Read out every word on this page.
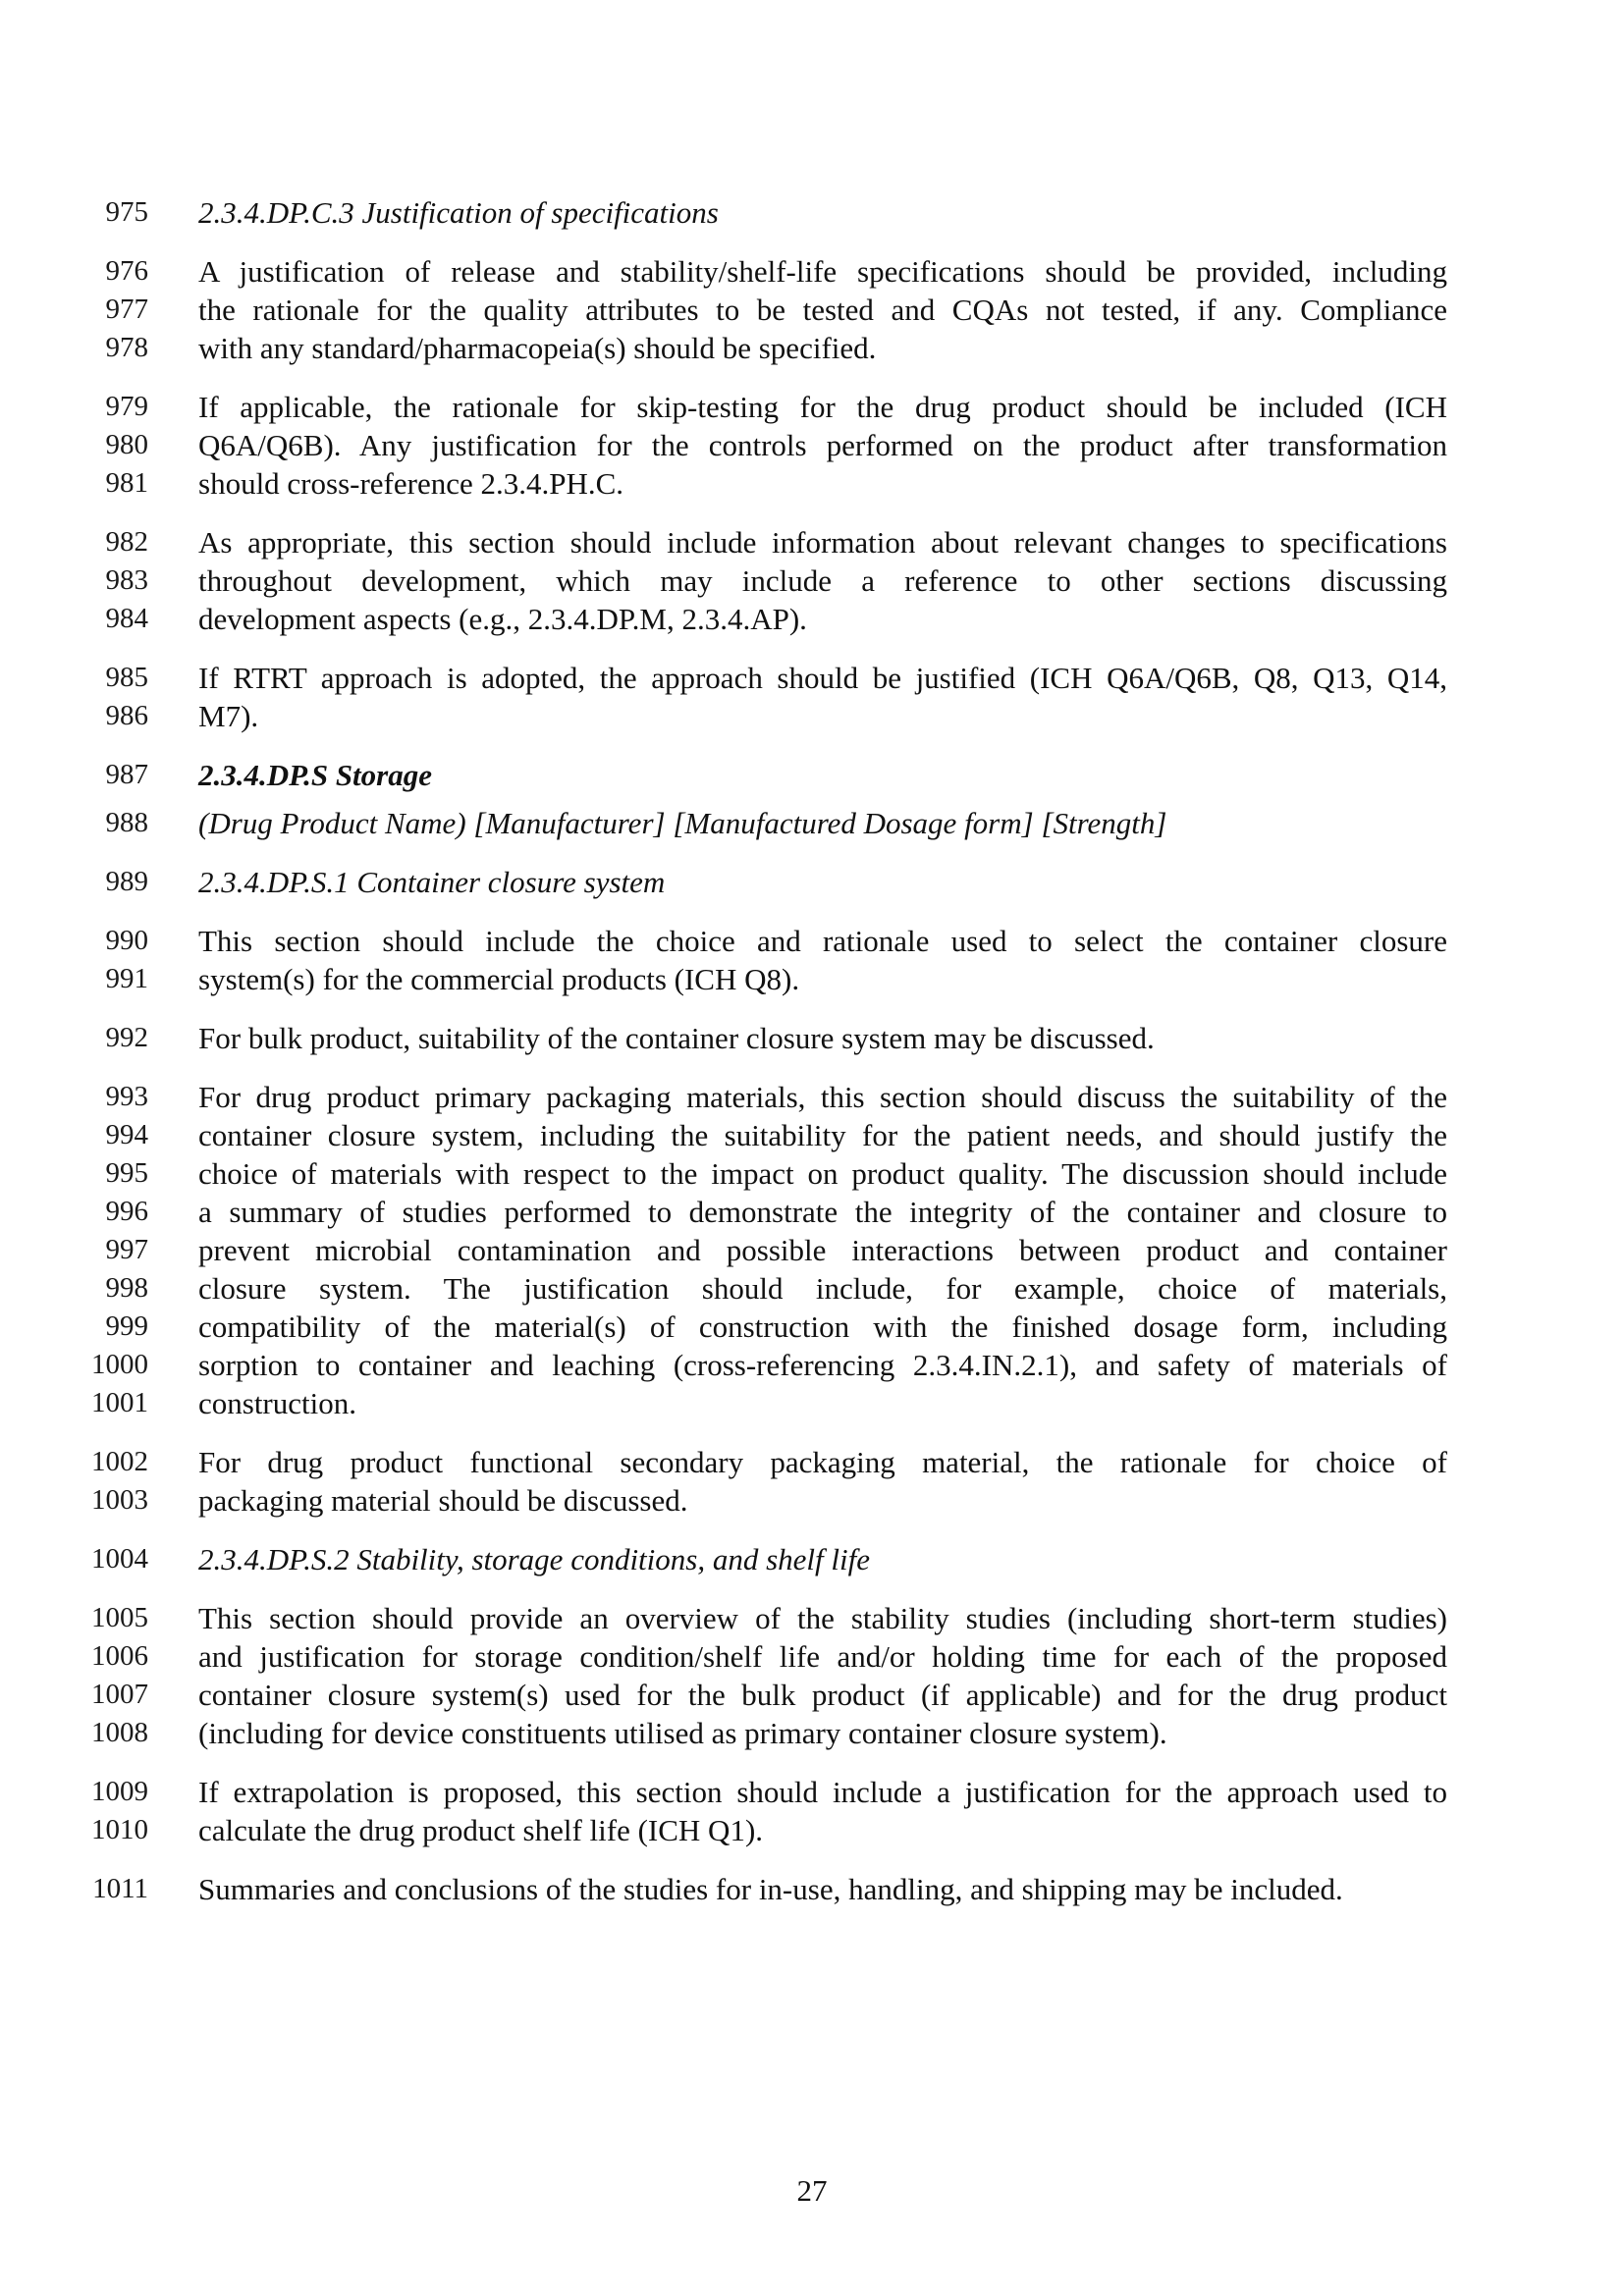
975 2.3.4.DP.C.3 Justification of specifications
976 A justification of release and stability/shelf-life specifications should be provided, including
977 the rationale for the quality attributes to be tested and CQAs not tested, if any. Compliance
978 with any standard/pharmacopeia(s) should be specified.
979 If applicable, the rationale for skip-testing for the drug product should be included (ICH
980 Q6A/Q6B). Any justification for the controls performed on the product after transformation
981 should cross-reference 2.3.4.PH.C.
982 As appropriate, this section should include information about relevant changes to specifications
983 throughout development, which may include a reference to other sections discussing
984 development aspects (e.g., 2.3.4.DP.M, 2.3.4.AP).
985 If RTRT approach is adopted, the approach should be justified (ICH Q6A/Q6B, Q8, Q13, Q14,
986 M7).
987 2.3.4.DP.S Storage
988 (Drug Product Name) [Manufacturer] [Manufactured Dosage form] [Strength]
989 2.3.4.DP.S.1 Container closure system
990 This section should include the choice and rationale used to select the container closure
991 system(s) for the commercial products (ICH Q8).
992 For bulk product, suitability of the container closure system may be discussed.
993 For drug product primary packaging materials, this section should discuss the suitability of the
994 container closure system, including the suitability for the patient needs, and should justify the
995 choice of materials with respect to the impact on product quality. The discussion should include
996 a summary of studies performed to demonstrate the integrity of the container and closure to
997 prevent microbial contamination and possible interactions between product and container
998 closure system. The justification should include, for example, choice of materials,
999 compatibility of the material(s) of construction with the finished dosage form, including
1000 sorption to container and leaching (cross-referencing 2.3.4.IN.2.1), and safety of materials of
1001 construction.
1002 For drug product functional secondary packaging material, the rationale for choice of
1003 packaging material should be discussed.
1004 2.3.4.DP.S.2 Stability, storage conditions, and shelf life
1005 This section should provide an overview of the stability studies (including short-term studies)
1006 and justification for storage condition/shelf life and/or holding time for each of the proposed
1007 container closure system(s) used for the bulk product (if applicable) and for the drug product
1008 (including for device constituents utilised as primary container closure system).
1009 If extrapolation is proposed, this section should include a justification for the approach used to
1010 calculate the drug product shelf life (ICH Q1).
1011 Summaries and conclusions of the studies for in-use, handling, and shipping may be included.
27
